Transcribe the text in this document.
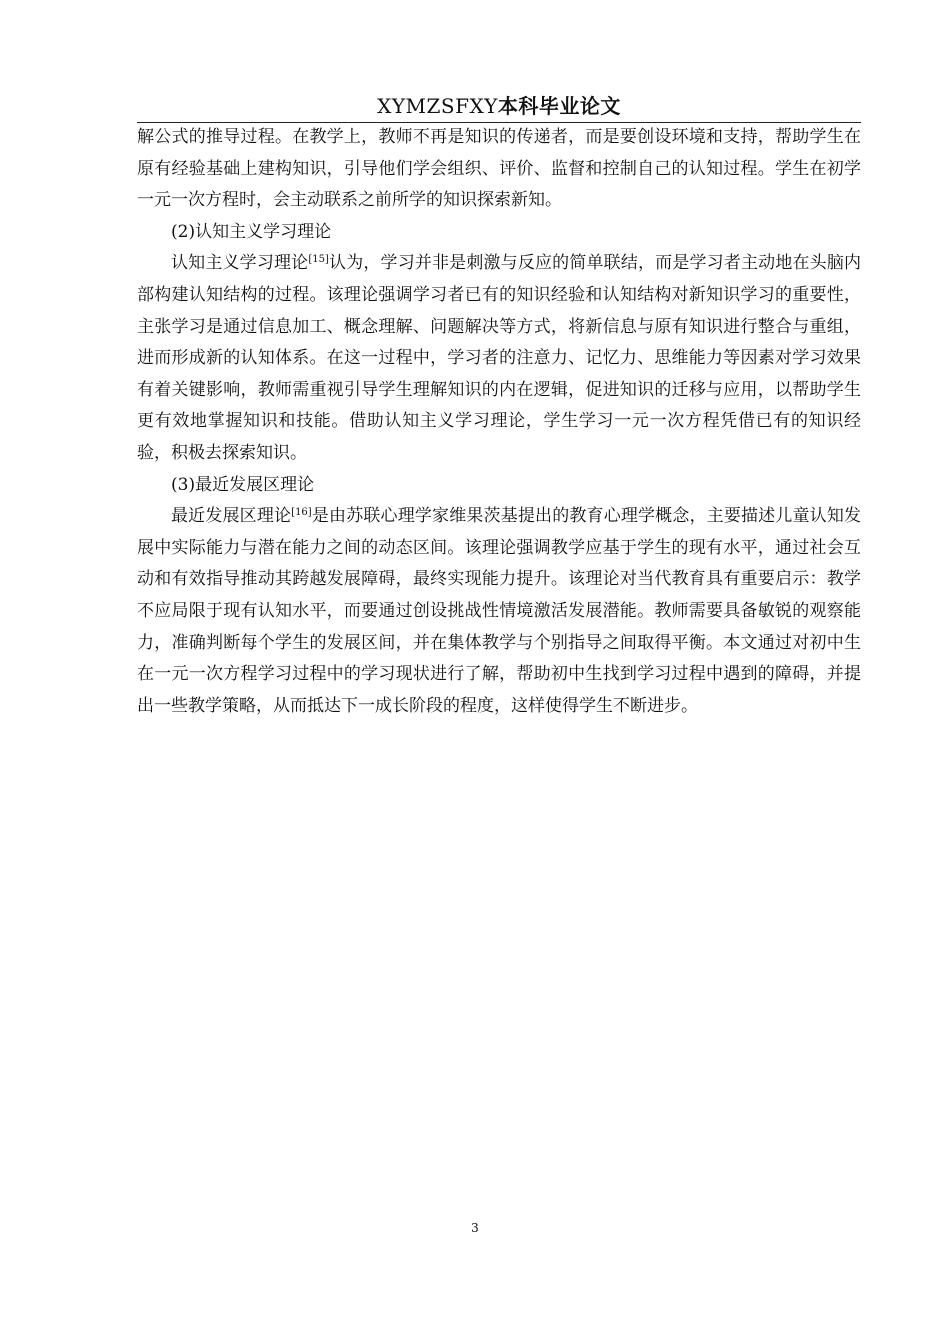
XYMZSFXY本科毕业论文

解公式的推导过程。在教学上，教师不再是知识的传递者，而是要创设环境和支持，帮助学生在原有经验基础上建构知识，引导他们学会组织、评价、监督和控制自己的认知过程。学生在初学一元一次方程时，会主动联系之前所学的知识探索新知。

(2)认知主义学习理论

认知主义学习理论[15]认为，学习并非是刺激与反应的简单联结，而是学习者主动地在头脑内部构建认知结构的过程。该理论强调学习者已有的知识经验和认知结构对新知识学习的重要性，主张学习是通过信息加工、概念理解、问题解决等方式，将新信息与原有知识进行整合与重组，进而形成新的认知体系。在这一过程中，学习者的注意力、记忆力、思维能力等因素对学习效果有着关键影响，教师需重视引导学生理解知识的内在逻辑，促进知识的迁移与应用，以帮助学生更有效地掌握知识和技能。借助认知主义学习理论，学生学习一元一次方程凭借已有的知识经验，积极去探索知识。

(3)最近发展区理论

最近发展区理论[16]是由苏联心理学家维果茨基提出的教育心理学概念，主要描述儿童认知发展中实际能力与潜在能力之间的动态区间。该理论强调教学应基于学生的现有水平，通过社会互动和有效指导推动其跨越发展障碍，最终实现能力提升。该理论对当代教育具有重要启示：教学不应局限于现有认知水平，而要通过创设挑战性情境激活发展潜能。教师需要具备敏锐的观察能力，准确判断每个学生的发展区间，并在集体教学与个别指导之间取得平衡。本文通过对初中生在一元一次方程学习过程中的学习现状进行了解，帮助初中生找到学习过程中遇到的障碍，并提出一些教学策略，从而抵达下一成长阶段的程度，这样使得学生不断进步。

3
